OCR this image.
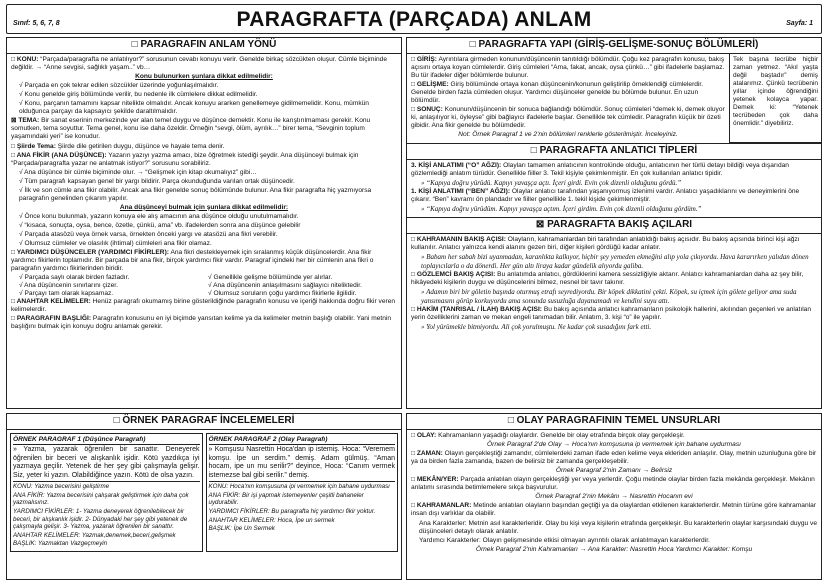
Sınıf: 5, 6, 7, 8	PARAGRAFTA (PARÇADA) ANLAM	Sayfa: 1
□ PARAGRAFIN ANLAM YÖNÜ

□ KONU: “Parçada/paragrafta ne anlatılıyor?” sorusunun cevabı konuyu verir. Genelde birkaç sözcükten oluşur. Cümle biçiminde değildir. → “Anne sevgisi, sağlıklı yaşam..” vb…

Konu bulunurken şunlara dikkat edilmelidir:

√ Parçada en çok tekrar edilen sözcükler üzerinde yoğunlaşılmalıdır.

√ Konu genelde giriş bölümünde verilir, bu nedenle ilk cümlelere dikkat edilmelidir.

√ Konu, parçanın tamamını kapsar nitelikte olmalıdır. Ancak konuyu ararken genellemeye gidilmemelidir. Konu, mümkün olduğunca parçayı da kapsayıcı şekilde daraltılmalıdır.

⊠ TEMA: Bir sanat eserinin merkezinde yer alan temel duygu ve düşünce demektir. Konu ile karıştırılmaması gerekir. Konu somutken, tema soyuttur. Tema genel, konu ise daha özeldir. Örneğin “sevgi, ölüm, ayrılık…” birer tema, “Sevginin toplum yaşamındaki yeri” ise konudur.

□ Şiirde Tema: Şiirde dile getirilen duygu, düşünce ve hayale tema denir.

□ ANA FİKİR (ANA DÜŞÜNCE): Yazarın yazıyı yazma amacı, bize öğretmek istediği şeydir. Ana düşünceyi bulmak için “Parçada/paragrafta yazar ne anlatmak istiyor?” sorusunu sorabiliriz.

√ Ana düşünce bir cümle biçiminde olur. → “Gelişmek için kitap okumalıyız” gibi…

√ Tüm paragrafı kapsayan genel bir yargı bildirir. Parça okunduğunda varılan ortak düşüncedir.

√ İlk ve son cümle ana fikir olabilir. Ancak ana fikir genelde sonuç bölümünde bulunur. Ana fikir paragrafta hiç yazmıyorsa paragrafın genelinden çıkarım yapılır.

Ana düşünceyi bulmak için şunlara dikkat edilmelidir:

√ Önce konu bulunmalı, yazarın konuya ele alış amacının ana düşünce olduğu unutulmamalıdır.

√ “kısaca, sonuçta, oysa, bence, özetle, çünkü, ama” vb. ifadelerden sonra ana düşünce gelebilir

√ Parçada atasözü veya örnek varsa, örnekten önceki yargı ve atasözü ana fikri verebilir.

√ Olumsuz cümleler ve olasılık (ihtimal) cümleleri ana fikir olamaz.

□ YARDIMCI DÜŞÜNCELER (YARDIMCI FİKİRLER): Ana fikri destekleyemek için sıralanmış küçük düşüncelerdir. Ana fikir yardımcı fikirlerin toplamıdır. Bir parçada bir ana fikir, birçok yardımcı fikir vardır. Paragraf içindeki her bir cümlenin ana fikri o paragrafın yardımcı fikirlerinden biridir.

√ Parçada saylı olarak birden fazladır.	√ Genellikle gelişme bölümünde yer alırlar.
√ Ana düşüncenin sınırlarını çizer.	√ Ana düşüncenin anlaşılmasını sağlayıcı niteliktedir.
√ Parçayı tam olarak kapsamaz.	√ Olumsuz soruların çoğu yardımcı fikirlerle ilgilidir.

□ ANAHTAR KELİMELER: Henüz paragrafı okumamış birine gösterildiğinde paragrafın konusu ve içeriği hakkında doğru fikir veren kelimelerdir.

□ PARAGRAFIN BAŞLIĞI: Paragrafın konusunu en iyi biçimde yansıtan kelime ya da kelimeler metnin başlığı olabilir. Yani metnin başlığını bulmak için konuyu doğru anlamak gerekir.

□ PARAGRAFTA YAPI (GİRİŞ-GELİŞME-SONUÇ BÖLÜMLERİ)

□ GİRİŞ: Ayrıntılara girmeden konunun/düşüncenin tanıtıldığı bölümdür. Çoğu kez paragrafın konusu, bakış açısını ortaya koyan cümlelerdir. Giriş cümleleri “Ama, fakat, ancak, oysa çünkü…” gibi ifadelerle başlamaz. Bu tür ifadeler diğer bölümlerde bulunur.

□ GELİŞME: Giriş bölümünde ortaya konan düşüncenin/konunun geliştirilip örneklendiği cümlelerdir. Genelde birden fazla cümleden oluşur. Yardımcı düşünceler genelde bu bölümde bulunur. En uzun bölümdür.

□ SONUÇ: Konunun/düşüncenin bir sonuca bağlandığı bölümdür. Sonuç cümleleri “demek ki, demek oluyor ki, anlaşılıyor ki, öyleyse” gibi bağlayıcı ifadelerle başlar. Genellikle tek cümledir. Paragrafın küçük bir özeti gibidir. Ana fikir genelde bu bölümdedir.

Not: Örnek Paragraf 1 ve 2'nin bölümleri renklerle gösterilmiştir. İnceleyiniz.

Tek başına tecrübe hiçbir zaman yetmez. “Akıl yaşta değil baştadır” demiş atalarımız. Çünkü tecrübenin yıllar içinde öğrendiğini yetenek kolayca yapar. Demek ki: “Yetenek tecrübeden çok daha önemlidir.” diyebiliriz.
□ PARAGRAFTA ANLATICI TİPLERİ

3. KİŞİ ANLATIMI (“O” AĞZI): Olayları tamamen anlatıcının kontrolünde olduğu, anlatıcının her türlü detayı bildiği veya dışarıdan gözlemlediği anlatım türüdür. Genellikle fiiller 3. Tekil kişiyle çekimlenmiştir. En çok kullanılan anlatıcı tipidir.

» “Kapıya doğru yürüdü. Kapıyı yavaşça açtı. İçeri girdi. Evin çok dizenli olduğunu gördü.”

1. KİŞİ ANLATIMI (“BEN” AĞZI): Olaylar anlatıcı tarafından yaşanıyormuş izlenimi vardır. Anlatıcı yaşadıklarını ve deneyimlerini öne çıkarır. “Ben” kavramı ön plandadır ve fiiller genellikle 1. tekil kişide çekimlenmiştir.

» “Kapıya doğru yürüdüm. Kapıyı yavaşça açtım. İçeri girdim. Evin çok dizenli olduğunu gördüm.”

⊠ PARAGRAFTA BAKIŞ AÇILARI

□ KAHRAMANIN BAKIŞ AÇISI: Olayların, kahramanlardan biri tarafından anlatıldığı bakış açısıdır. Bu bakış açısında birinci kişi ağzı kullanılır. Anlatıcı yalnızca kendi alanını gezen biri, diğer kişileri gördüğü kadar anlatır.

» Babam her sabah bizi uyanmadan, karanlıkta kalkıyor, hiçbir şey yemeden ekmeğini alıp yola çıkıyordu. Hava kararırken yalıdan dönen toplayıcılarla o da dönerdi. Her gün altı liraya kadar gündelik alıyordu galiba.

□ GÖZLEMCİ BAKIŞ AÇISI: Bu anlatımda anlatıcı, gördüklerini kamera sessizliğiyle aktarır. Anlatıcı kahramanlardan daha az şey bilir, hikâyedeki kişilerin duygu ve düşüncelerini bilmez, nesnel bir tavır takınır.

» Adamın biri bir göletin başında oturmuş etrafı seyrediyordu. Bir köpek dikkatini çekti. Köpek, su içmek için gölete geliyor ama suda yansımasını görüp korkuyordu ama sonunda susuzluğa dayanamadı ve kendini suyu attı.

□ HAKİM (TANRISAL / İLAH) BAKIŞ AÇISI: Bu bakış açısında anlatıcı kahramanların psikolojik hallerini, akılından geçenleri ve anlatılan yerin özelliklerini zaman ve mekan engeli tanımadan bilir. Anlatım, 3. kişi “o” ile yapılır.

» Yol yürümekle bitmiyordu. Ali çok yorulmuştu. Ne kadar çok susadığını fark etti.

□ ÖRNEK PARAGRAF İNCELEMELERİ
ÖRNEK PARAGRAF 1 (Düşünce Paragrafı)
» Yazma, yazarak öğrenilen bir sanattır. Deneyerek öğrenilen bir beceri ve alışkanlık işidir. Kötü yazdıkça iyi yazmaya geçilir. Yetenek de her şey gibi çalışmayla gelişir. Siz, yeter ki yazın. Olabildiğince yazın. Kötü de olsa yazın.

KONU: Yazma becerisini geliştirme

ANA FİKİR: Yazma becerisini çalışarak geliştirmek için daha çok yazmalısınız.

YARDIMCI FİKİRLER: 1- Yazma deneyerek öğrenilebilecek bir beceri, bir alışkanlık işidir. 2- Dünyadaki her şey gibi yetenek de çalışmayla gelişir. 3- Yazma, yazarak öğrenilen bir sanattır.

ANAHTAR KELİMELER: Yazmak,denemek,beceri,gelişmek

BAŞLIK: Yazmaktan Vazgeçmeyin

ÖRNEK PARAGRAF 2 (Olay Paragrafı)
» Komşusu Nasrettin Hoca'dan ip istemiş. Hoca: “Veremem komşu. İpe un serdim.” demiş. Adam gülmüş. “Aman hocam, ipe un mu serilir?” deyince, Hoca: “Canım vermek istemezse bal gibi serilir.” demiş.

KONU: Hoca'nın komşusuna ipi vermemek için bahane uydurması

ANA FİKİR: Bir işi yapmak istemeyenler çeşitli bahaneler uydurabilir.

YARDIMCI FİKİRLER: Bu paragrafta hiç yardımcı fikir yoktur.

ANAHTAR KELİMELER: Hoca, İpe un sermek

BAŞLIK: İpe Un Sermek

□ OLAY PARAGRAFININ TEMEL UNSURLARI

□ OLAY: Kahramanların yaşadığı olaylardır. Genelde bir olay etrafında birçok olay gerçekleşir.

Örnek Paragraf 2'de Olay → Hoca'nın komşusuna ip vermemek için bahane uydurması

□ ZAMAN: Olayın gerçekleştiği zamandır, cümlelerdeki zaman ifade eden kelime veya ekleriden anlaşılır. Olay, metnin uzunluğuna göre bir ya da birden fazla zamanda, bazen de belirsiz bir zamanda gerçekleşebilir.

Örnek Paragraf 2'nin Zamanı → Belirsiz

□ MEKÂN/YER: Parçada anlatılan olayın gerçekleştiği yer veya yerlerdir. Çoğu metinde olaylar birden fazla mekânda gerçekleşir. Mekânın anlatımı sırasında betimlemelere sıkça başvurulur.

Örnek Paragraf 2'nin Mekânı → Nasrettin Hocanın evi

□ KAHRAMANLAR: Metinde anlatılan olayların başından geçtiği ya da olaylardan etkilenen karakterlerdir. Metnin türüne göre kahramanlar insan dışı varlıklar da olabilir.

Ana Karakterler: Metnin asıl karakterleridir. Olay bu kişi veya kişilerin etrafında gerçekleşir. Bu karakterlerin olaylar karşısındaki duygu ve düşünceleri detaylı olarak anlatılır.

Yardımcı Karakterler: Olayın gelişmesinde etkisi olmayan ayrıntılı olarak anlatılmayan karakterlerdir.

Örnek Paragraf 2'nin Kahramanları → Ana Karakter: Nasrettin Hoca Yardımcı Karakter: Komşu
